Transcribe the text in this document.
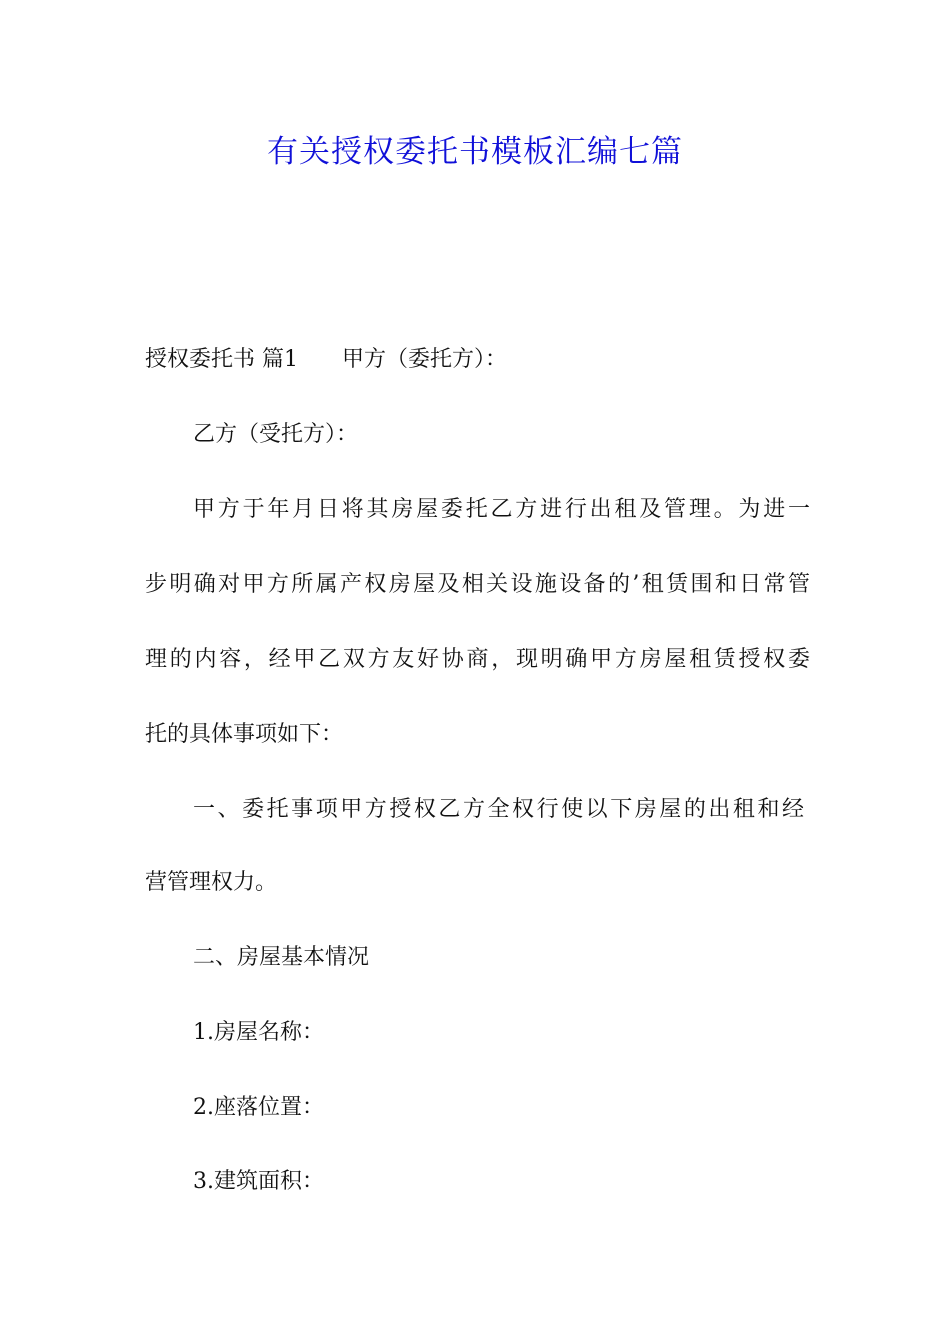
有关授权委托书模板汇编七篇

授权委托书 篇1 甲方（委托方）：

乙方（受托方）：

甲方于年月日将其房屋委托乙方进行出租及管理。为进一

步明确对甲方所属产权房屋及相关设施设备的’租赁围和日常管

理的内容，经甲乙双方友好协商，现明确甲方房屋租赁授权委

托的具体事项如下：

一、委托事项甲方授权乙方全权行使以下房屋的出租和经

营管理权力。

二、房屋基本情况

1.房屋名称：

2.座落位置：

3.建筑面积：
